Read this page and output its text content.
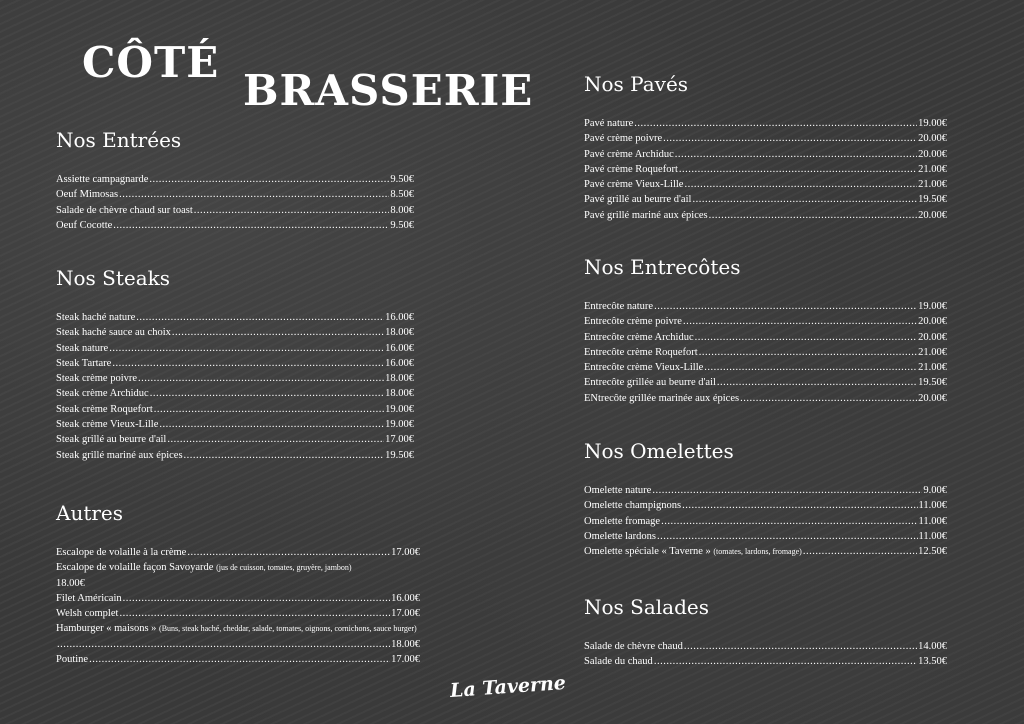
CÔTÉ
BRASSERIE
Nos Entrées
Assiette campagnarde .....	9.50€
Oeuf Mimosas .....	8.50€
Salade de chèvre chaud sur toast .....	8.00€
Oeuf Cocotte .....	9.50€
Nos Steaks
Steak haché nature .....	16.00€
Steak haché sauce au choix .....	18.00€
Steak nature .....	16.00€
Steak Tartare .....	16.00€
Steak crème poivre .....	18.00€
Steak crème Archiduc .....	18.00€
Steak crème Roquefort .....	19.00€
Steak crème Vieux-Lille .....	19.00€
Steak grillé au beurre d'ail .....	17.00€
Steak grillé mariné aux épices .....	19.50€
Autres
Escalope de volaille à la crème .....	17.00€
Escalope de volaille façon Savoyarde (jus de cuisson, tomates, gruyère, jambon)

18.00€
Filet Américain .....	16.00€
Welsh complet .....	17.00€
Hamburger « maisons » (Buns, steak haché, cheddar, salade, tomates, oignons, cornichons, sauce burger)

.....
18.00€
Poutine .....	17.00€
Nos Pavés
Pavé nature .....	19.00€
Pavé crème poivre .....	20.00€
Pavé crème Archiduc .....	20.00€
Pavé crème Roquefort .....	21.00€
Pavé crème Vieux-Lille .....	21.00€
Pavé grillé au beurre d'ail .....	19.50€
Pavé grillé mariné aux épices .....	20.00€
Nos Entrecôtes
Entrecôte nature .....	19.00€
Entrecôte crème poivre .....	20.00€
Entrecôte crème Archiduc .....	20.00€
Entrecôte crème Roquefort .....	21.00€
Entrecôte crème Vieux-Lille .....	21.00€
Entrecôte grillée au beurre d'ail .....	19.50€
ENtrecôte grillée marinée aux épices .....	20.00€
Nos Omelettes
Omelette nature .....	9.00€
Omelette champignons .....	11.00€
Omelette fromage .....	11.00€
Omelette lardons .....	11.00€
Omelette spéciale « Taverne » (tomates, lardons, fromage) .....	12.50€
Nos Salades
Salade de chèvre chaud .....	14.00€
Salade du chaud .....	13.50€
La Taverne
